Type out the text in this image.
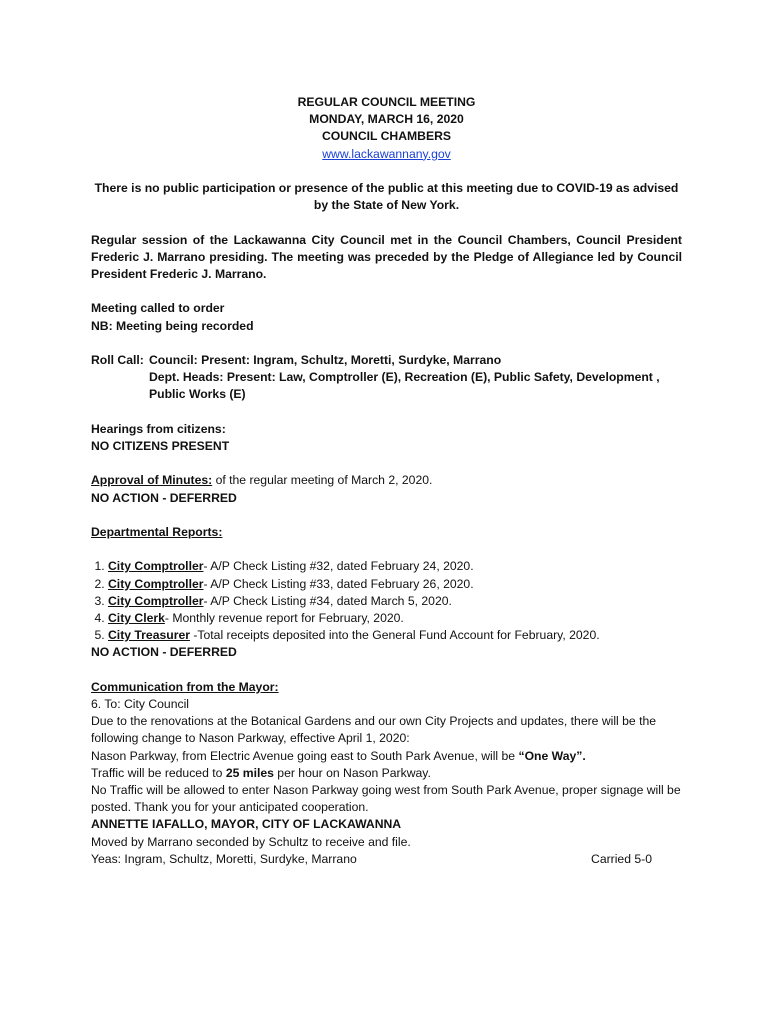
REGULAR COUNCIL MEETING
MONDAY, MARCH 16, 2020
COUNCIL CHAMBERS
www.lackawannany.gov

There is no public participation or presence of the public at this meeting due to COVID-19 as advised by the State of New York.

Regular session of the Lackawanna City Council met in the Council Chambers, Council President Frederic J. Marrano presiding. The meeting was preceded by the Pledge of Allegiance led by Council President Frederic J. Marrano.

Meeting called to order
NB: Meeting being recorded
Roll Call: Council: Present: Ingram, Schultz, Moretti, Surdyke, Marrano
Dept. Heads: Present: Law, Comptroller (E), Recreation (E), Public Safety, Development , Public Works (E)
Hearings from citizens:
NO CITIZENS PRESENT
Approval of Minutes: of the regular meeting of March 2, 2020.
NO ACTION - DEFERRED
Departmental Reports:
1. City Comptroller- A/P Check Listing #32, dated February 24, 2020.
2. City Comptroller- A/P Check Listing #33, dated February 26, 2020.
3. City Comptroller- A/P Check Listing #34, dated March 5, 2020.
4. City Clerk- Monthly revenue report for February, 2020.
5. City Treasurer -Total receipts deposited into the General Fund Account for February, 2020.
NO ACTION - DEFERRED
Communication from the Mayor:
6. To: City Council

Due to the renovations at the Botanical Gardens and our own City Projects and updates, there will be the following change to Nason Parkway, effective April 1, 2020:

Nason Parkway, from Electric Avenue going east to South Park Avenue, will be “One Way”.
Traffic will be reduced to 25 miles per hour on Nason Parkway.

No Traffic will be allowed to enter Nason Parkway going west from South Park Avenue, proper signage will be posted. Thank you for your anticipated cooperation.

ANNETTE IAFALLO, MAYOR, CITY OF LACKAWANNA
Moved by Marrano seconded by Schultz to receive and file.
Yeas: Ingram, Schultz, Moretti, Surdyke, Marrano	Carried 5-0
